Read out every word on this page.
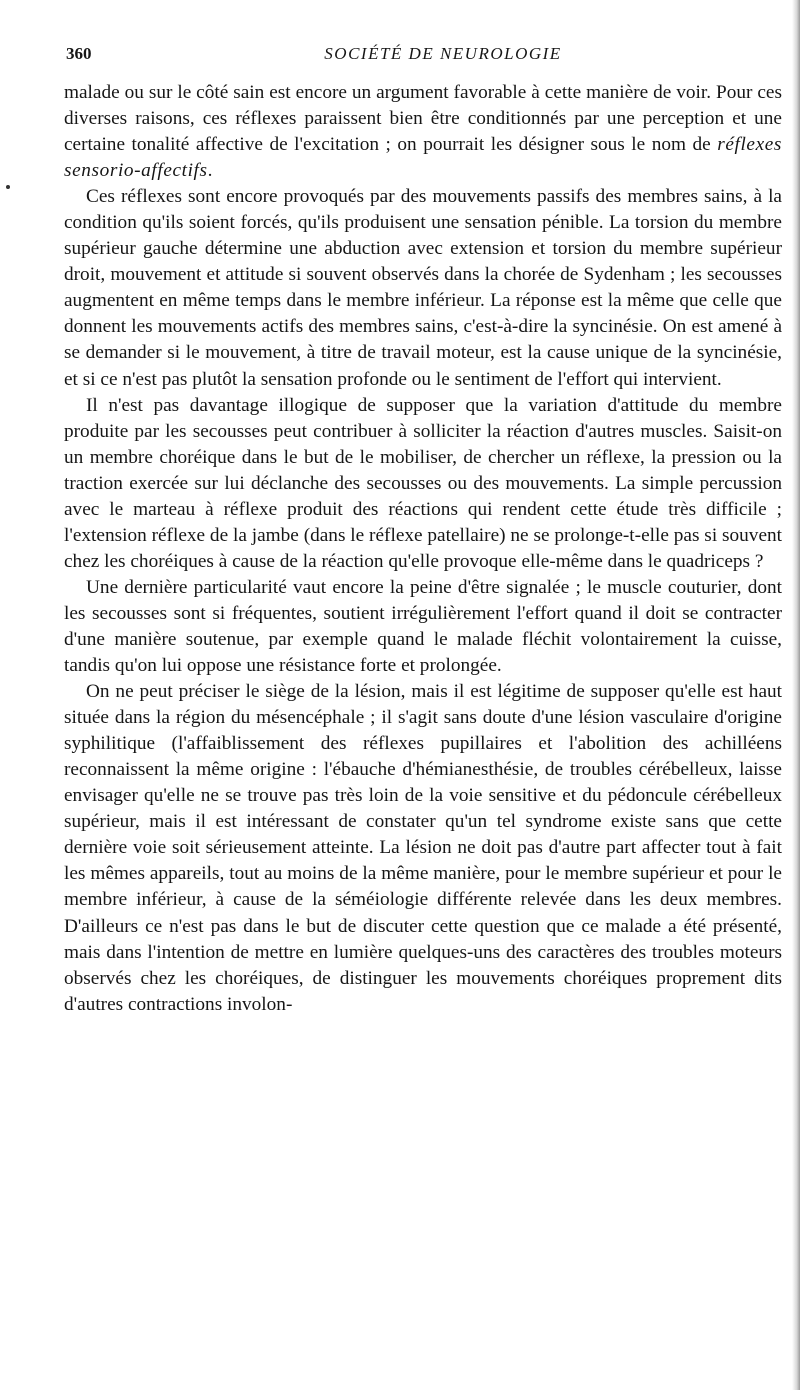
360	SOCIÉTÉ DE NEUROLOGIE

malade ou sur le côté sain est encore un argument favorable à cette manière de voir. Pour ces diverses raisons, ces réflexes paraissent bien être conditionnés par une perception et une certaine tonalité affective de l'excitation ; on pourrait les désigner sous le nom de réflexes sensorio-affectifs.

Ces réflexes sont encore provoqués par des mouvements passifs des membres sains, à la condition qu'ils soient forcés, qu'ils produisent une sensation pénible. La torsion du membre supérieur gauche détermine une abduction avec extension et torsion du membre supérieur droit, mouvement et attitude si souvent observés dans la chorée de Sydenham ; les secousses augmentent en même temps dans le membre inférieur. La réponse est la même que celle que donnent les mouvements actifs des membres sains, c'est-à-dire la syncinésie. On est amené à se demander si le mouvement, à titre de travail moteur, est la cause unique de la syncinésie, et si ce n'est pas plutôt la sensation profonde ou le sentiment de l'effort qui intervient.

Il n'est pas davantage illogique de supposer que la variation d'attitude du membre produite par les secousses peut contribuer à solliciter la réaction d'autres muscles. Saisit-on un membre choréique dans le but de le mobiliser, de chercher un réflexe, la pression ou la traction exercée sur lui déclanche des secousses ou des mouvements. La simple percussion avec le marteau à réflexe produit des réactions qui rendent cette étude très difficile ; l'extension réflexe de la jambe (dans le réflexe patellaire) ne se prolonge-t-elle pas si souvent chez les choréiques à cause de la réaction qu'elle provoque elle-même dans le quadriceps ?

Une dernière particularité vaut encore la peine d'être signalée ; le muscle couturier, dont les secousses sont si fréquentes, soutient irrégulièrement l'effort quand il doit se contracter d'une manière soutenue, par exemple quand le malade fléchit volontairement la cuisse, tandis qu'on lui oppose une résistance forte et prolongée.

On ne peut préciser le siège de la lésion, mais il est légitime de supposer qu'elle est haut située dans la région du mésencéphale ; il s'agit sans doute d'une lésion vasculaire d'origine syphilitique (l'affaiblissement des réflexes pupillaires et l'abolition des achilléens reconnaissent la même origine : l'ébauche d'hémianesthésie, de troubles cérébelleux, laisse envisager qu'elle ne se trouve pas très loin de la voie sensitive et du pédoncule cérébelleux supérieur, mais il est intéressant de constater qu'un tel syndrome existe sans que cette dernière voie soit sérieusement atteinte. La lésion ne doit pas d'autre part affecter tout à fait les mêmes appareils, tout au moins de la même manière, pour le membre supérieur et pour le membre inférieur, à cause de la séméiologie différente relevée dans les deux membres. D'ailleurs ce n'est pas dans le but de discuter cette question que ce malade a été présenté, mais dans l'intention de mettre en lumière quelques-uns des caractères des troubles moteurs observés chez les choréiques, de distinguer les mouvements choréiques proprement dits d'autres contractions involon-
